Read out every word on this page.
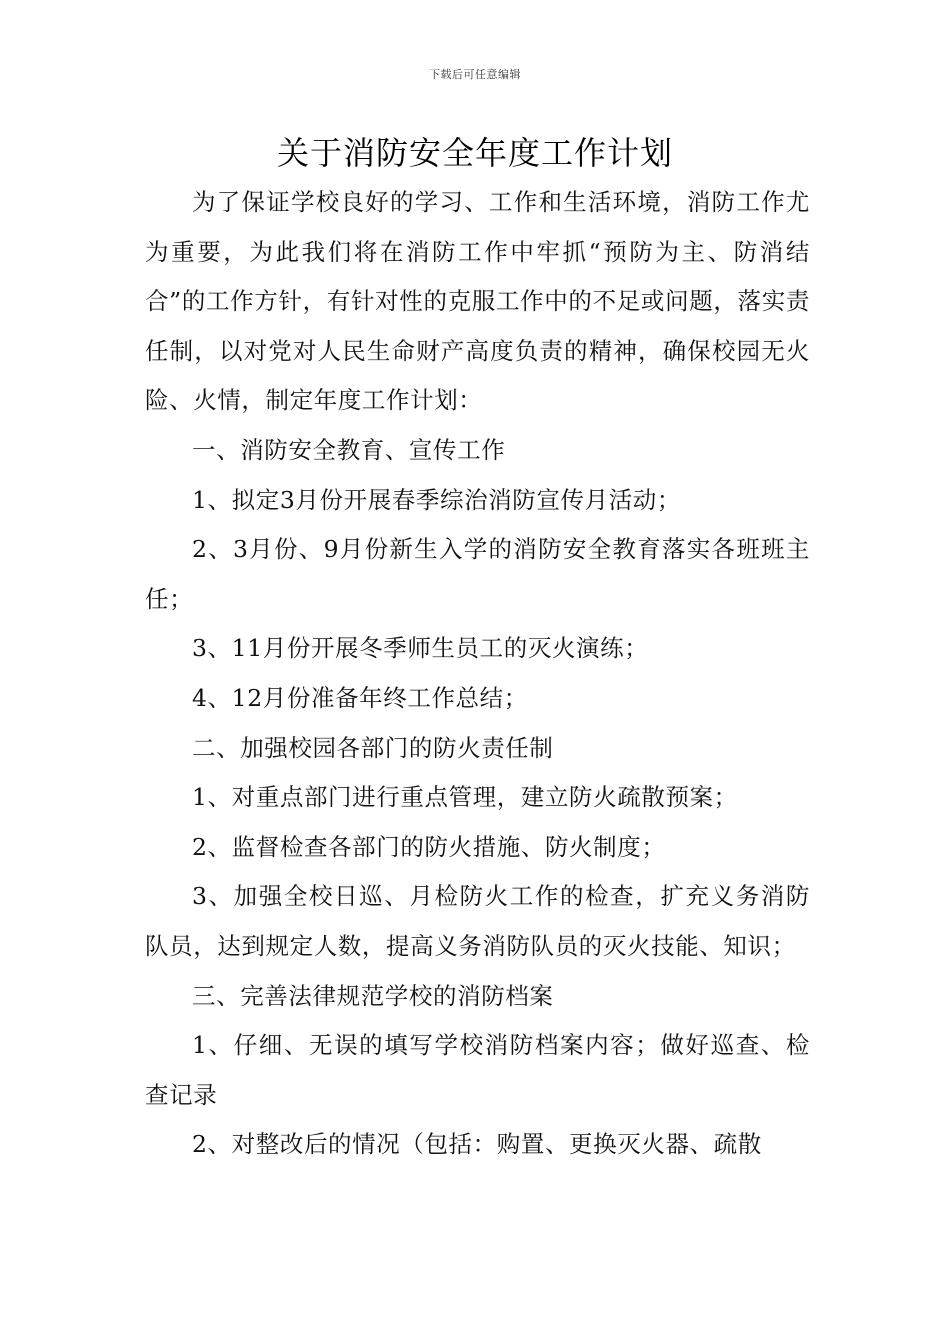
下载后可任意编辑
关于消防安全年度工作计划

为了保证学校良好的学习、工作和生活环境，消防工作尤为重要，为此我们将在消防工作中牢抓“预防为主、防消结合”的工作方针，有针对性的克服工作中的不足或问题，落实责任制，以对党对人民生命财产高度负责的精神，确保校园无火险、火情，制定年度工作计划：

一、消防安全教育、宣传工作

1、拟定3月份开展春季综治消防宣传月活动；

2、3月份、9月份新生入学的消防安全教育落实各班班主任；

3、11月份开展冬季师生员工的灭火演练；

4、12月份准备年终工作总结；

二、加强校园各部门的防火责任制

1、对重点部门进行重点管理，建立防火疏散预案；

2、监督检查各部门的防火措施、防火制度；

3、加强全校日巡、月检防火工作的检查，扩充义务消防队员，达到规定人数，提高义务消防队员的灭火技能、知识；

三、完善法律规范学校的消防档案

1、仔细、无误的填写学校消防档案内容；做好巡查、检查记录

2、对整改后的情况（包括：购置、更换灭火器、疏散
